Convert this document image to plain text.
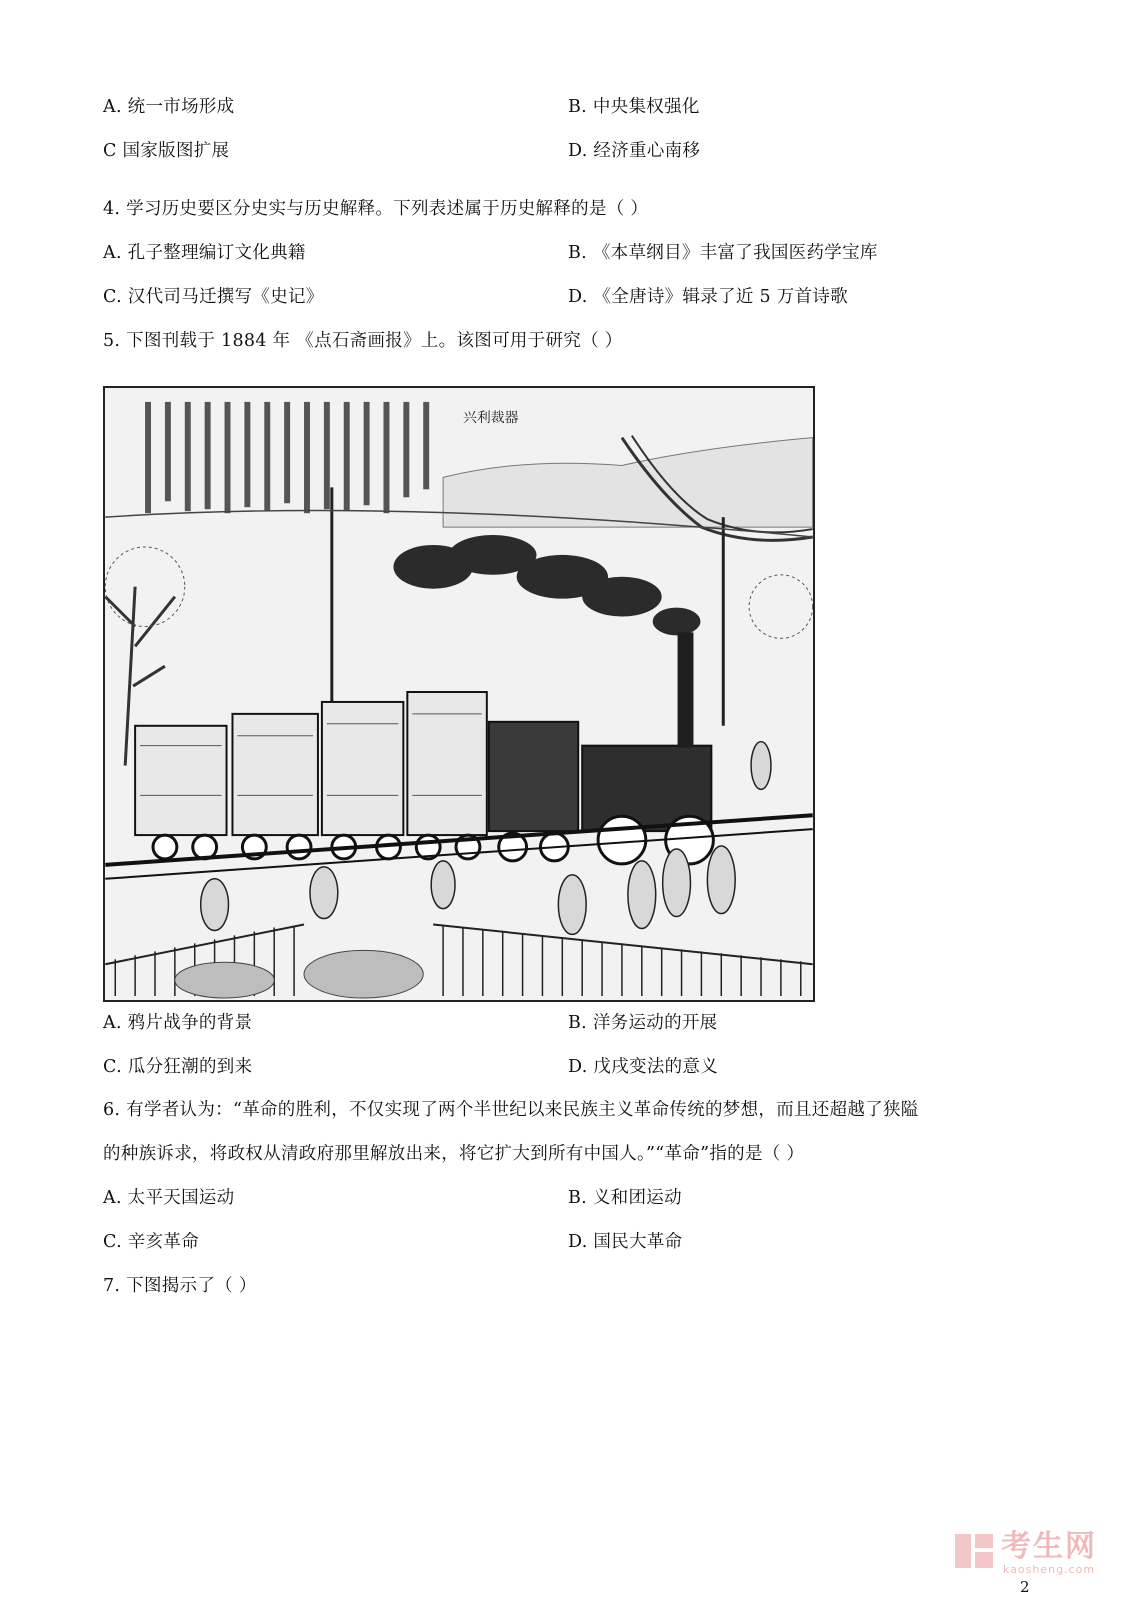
A. 统一市场形成	B. 中央集权强化
C 国家版图扩展	D. 经济重心南移
4. 学习历史要区分史实与历史解释。下列表述属于历史解释的是（ ）
A. 孔子整理编订文化典籍	B. 《本草纲目》丰富了我国医药学宝库
C. 汉代司马迁撰写《史记》	D. 《全唐诗》辑录了近 5 万首诗歌
5. 下图刊载于 1884 年 《点石斋画报》上。该图可用于研究（ ）
兴利裁器
A. 鸦片战争的背景	B. 洋务运动的开展
C. 瓜分狂潮的到来	D. 戊戌变法的意义
6. 有学者认为：“革命的胜利，不仅实现了两个半世纪以来民族主义革命传统的梦想，而且还超越了狭隘
的种族诉求，将政权从清政府那里解放出来，将它扩大到所有中国人。”“革命”指的是（ ）
A. 太平天国运动	B. 义和团运动
C. 辛亥革命	D. 国民大革命
7. 下图揭示了（ ）
考生网
kaosheng.com
2
